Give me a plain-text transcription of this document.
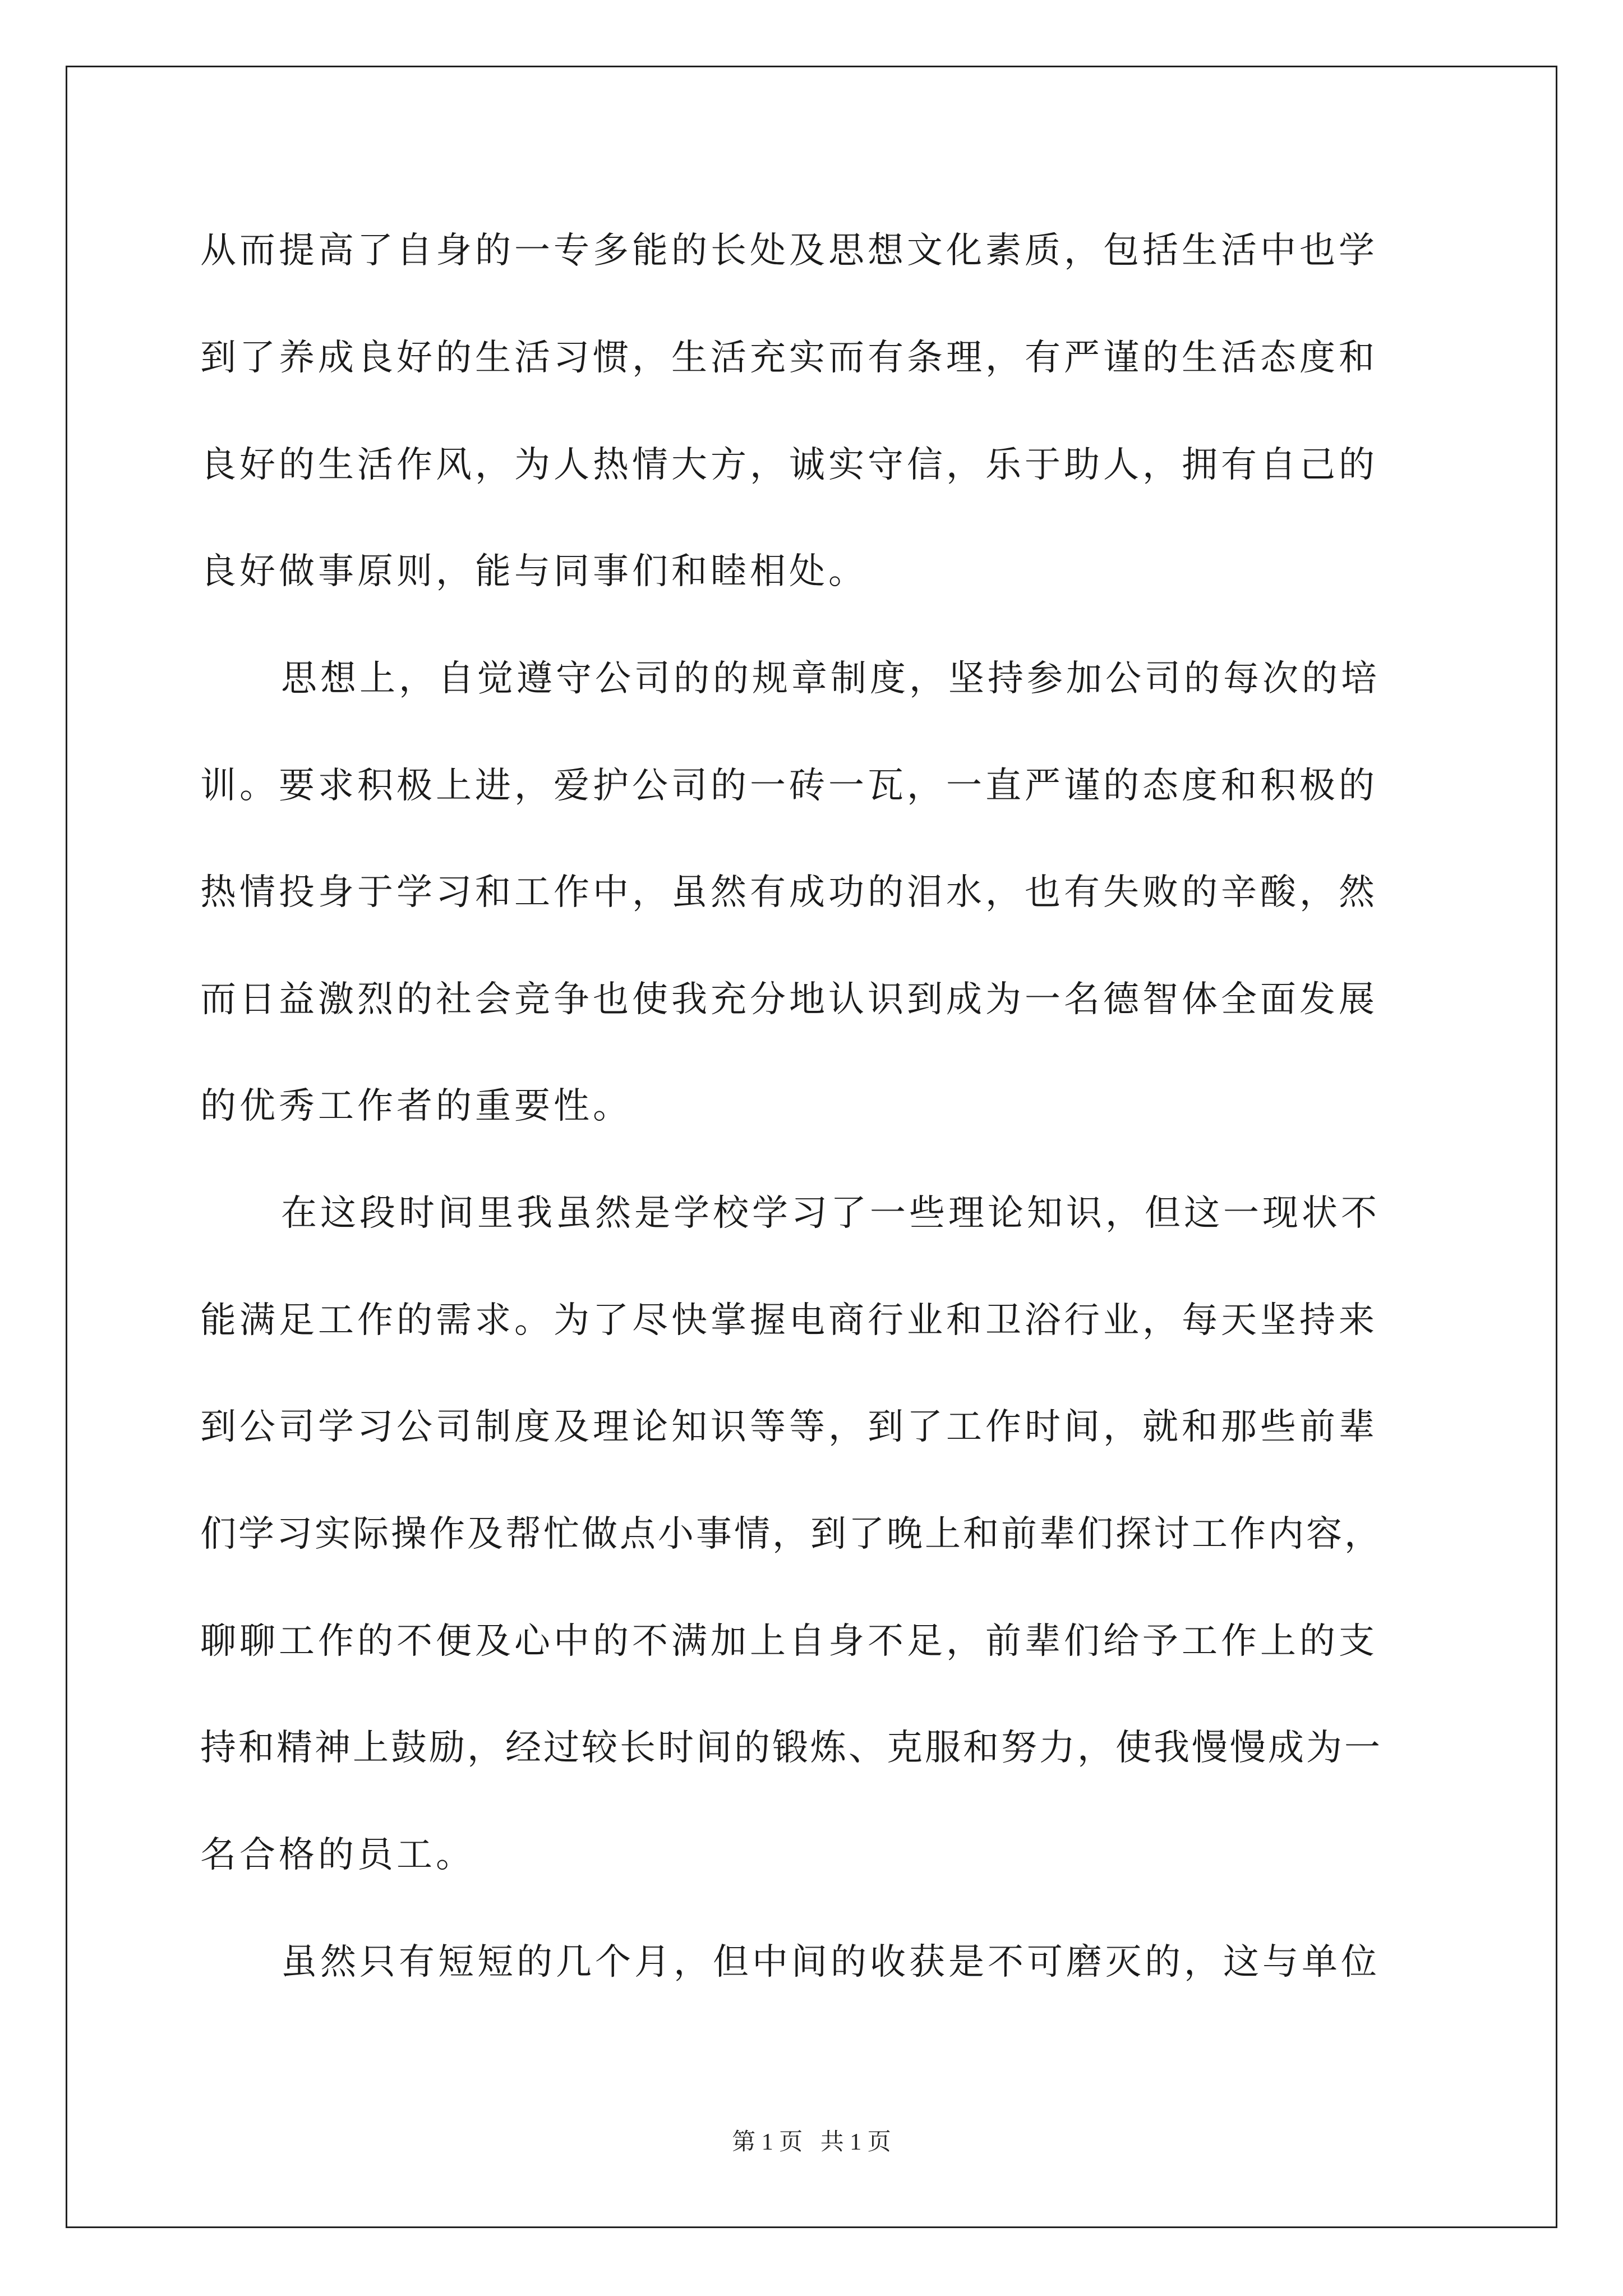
从而提高了自身的一专多能的长处及思想文化素质，包括生活中也学
到了养成良好的生活习惯，生活充实而有条理，有严谨的生活态度和
良好的生活作风，为人热情大方，诚实守信，乐于助人，拥有自己的
良好做事原则，能与同事们和睦相处。
思想上，自觉遵守公司的的规章制度，坚持参加公司的每次的培
训。要求积极上进，爱护公司的一砖一瓦，一直严谨的态度和积极的
热情投身于学习和工作中，虽然有成功的泪水，也有失败的辛酸，然
而日益激烈的社会竞争也使我充分地认识到成为一名德智体全面发展
的优秀工作者的重要性。
在这段时间里我虽然是学校学习了一些理论知识，但这一现状不
能满足工作的需求。为了尽快掌握电商行业和卫浴行业，每天坚持来
到公司学习公司制度及理论知识等等，到了工作时间，就和那些前辈
们学习实际操作及帮忙做点小事情，到了晚上和前辈们探讨工作内容，
聊聊工作的不便及心中的不满加上自身不足，前辈们给予工作上的支
持和精神上鼓励，经过较长时间的锻炼、克服和努力，使我慢慢成为一
名合格的员工。
虽然只有短短的几个月，但中间的收获是不可磨灭的，这与单位
第 1 页   共 1 页
